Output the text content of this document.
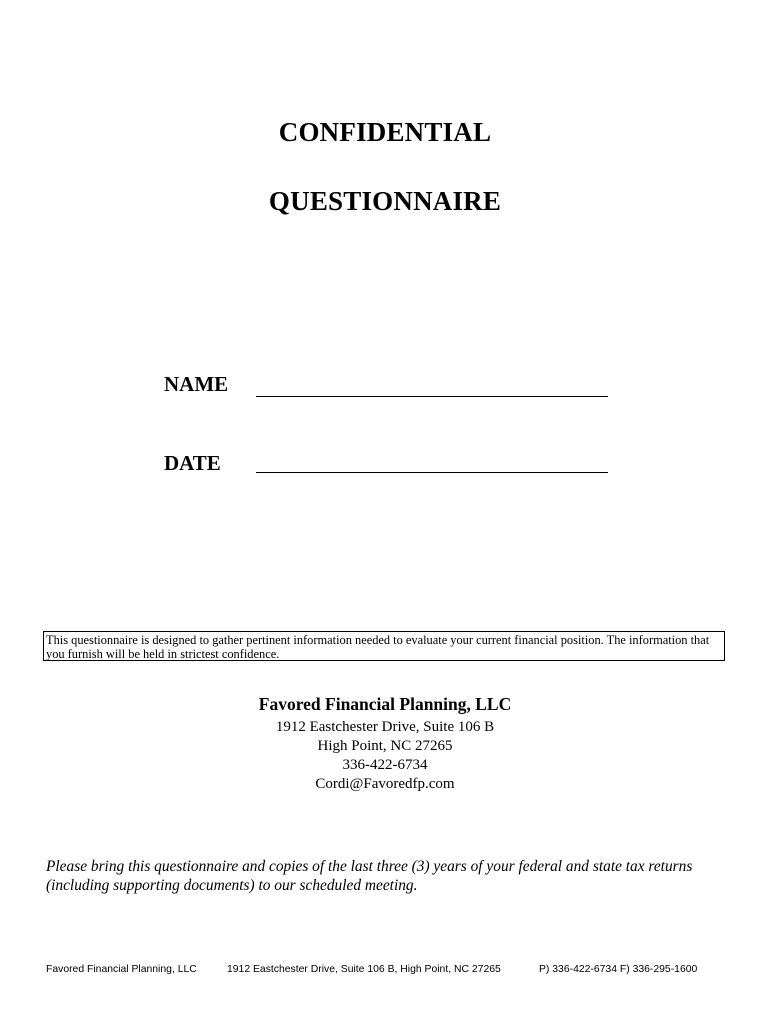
CONFIDENTIAL
QUESTIONNAIRE
NAME
DATE
This questionnaire is designed to gather pertinent information needed to evaluate your current financial position. The information that you furnish will be held in strictest confidence.
Favored Financial Planning, LLC
1912 Eastchester Drive, Suite 106 B
High Point, NC 27265
336-422-6734
Cordi@Favoredfp.com
Please bring this questionnaire and copies of the last three (3) years of your federal and state tax returns (including supporting documents) to our scheduled meeting.
Favored Financial Planning, LLC	1912 Eastchester Drive, Suite 106 B, High Point, NC 27265	P) 336-422-6734 F) 336-295-1600
